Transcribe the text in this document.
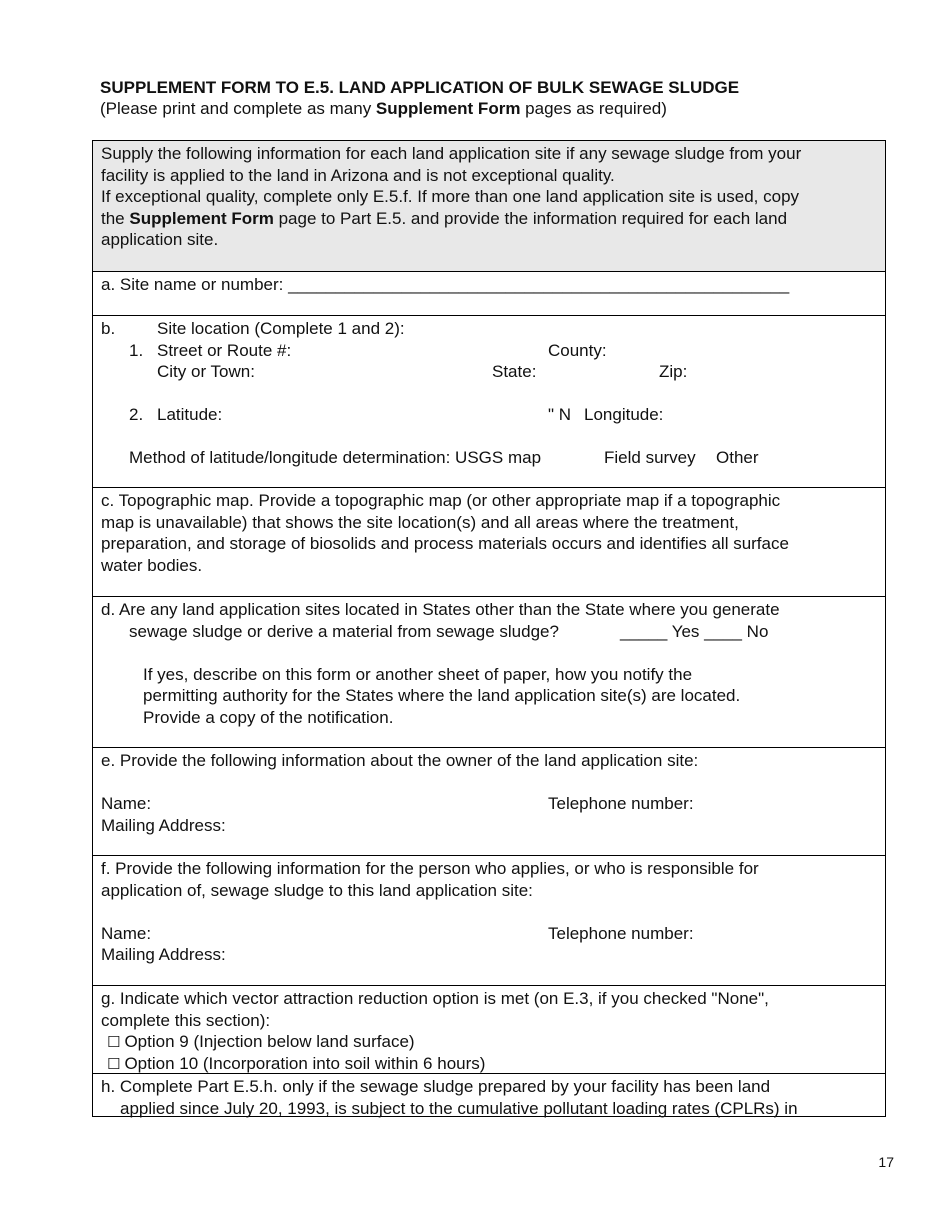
SUPPLEMENT FORM TO E.5. LAND APPLICATION OF BULK SEWAGE SLUDGE
(Please print and complete as many Supplement Form pages as required)
Supply the following information for each land application site if any sewage sludge from your
facility is applied to the land in Arizona and is not exceptional quality.
If exceptional quality, complete only E.5.f. If more than one land application site is used, copy
the Supplement Form page to Part E.5. and provide the information required for each land
application site.
a. Site name or number: _____________________________________________________
b. Site location (Complete 1 and 2):
1. Street or Route #:	County:
City or Town:	State:	Zip:
2. Latitude:	" N Longitude:
Method of latitude/longitude determination: USGS map	Field survey Other
c. Topographic map. Provide a topographic map (or other appropriate map if a topographic
map is unavailable) that shows the site location(s) and all areas where the treatment,
preparation, and storage of biosolids and process materials occurs and identifies all surface
water bodies.
d. Are any land application sites located in States other than the State where you generate
sewage sludge or derive a material from sewage sludge?	_____ Yes ____ No
If yes, describe on this form or another sheet of paper, how you notify the
permitting authority for the States where the land application site(s) are located.
Provide a copy of the notification.
e. Provide the following information about the owner of the land application site:
Name:	Telephone number:
Mailing Address:
f. Provide the following information for the person who applies, or who is responsible for
application of, sewage sludge to this land application site:
Name:	Telephone number:
Mailing Address:
g. Indicate which vector attraction reduction option is met (on E.3, if you checked "None",
complete this section):
☐ Option 9 (Injection below land surface)
☐ Option 10 (Incorporation into soil within 6 hours)
h. Complete Part E.5.h. only if the sewage sludge prepared by your facility has been land
applied since July 20, 1993, is subject to the cumulative pollutant loading rates (CPLRs) in
17
